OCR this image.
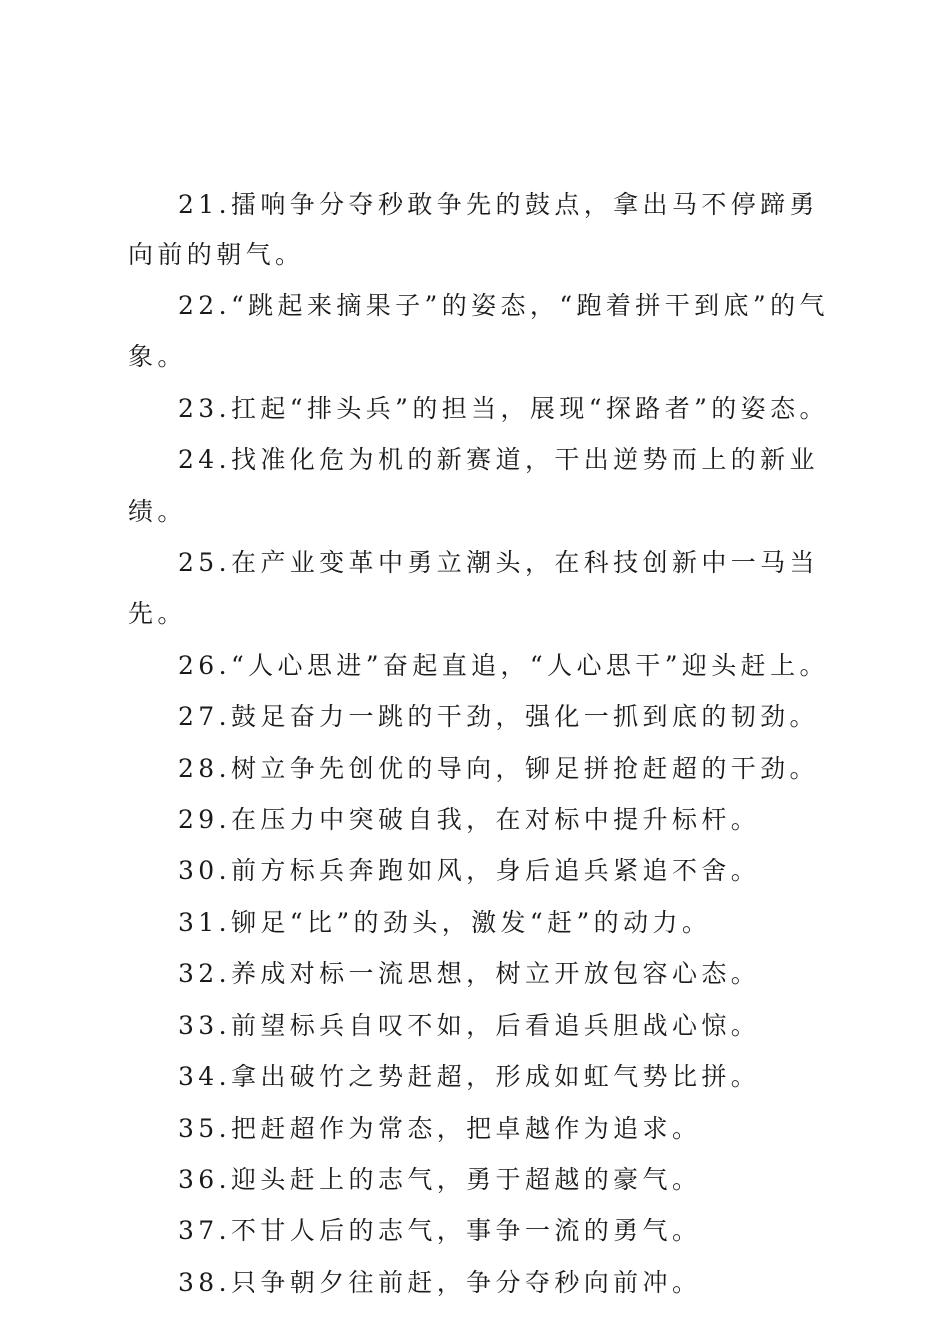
21.擂响争分夺秒敢争先的鼓点，拿出马不停蹄勇向前的朝气。

22.“跳起来摘果子”的姿态，“跑着拼干到底”的气象。

23.扛起“排头兵”的担当，展现“探路者”的姿态。

24.找准化危为机的新赛道，干出逆势而上的新业绩。

25.在产业变革中勇立潮头，在科技创新中一马当先。

26.“人心思进”奋起直追，“人心思干”迎头赶上。

27.鼓足奋力一跳的干劲，强化一抓到底的韧劲。

28.树立争先创优的导向，铆足拼抢赶超的干劲。

29.在压力中突破自我，在对标中提升标杆。

30.前方标兵奔跑如风，身后追兵紧追不舍。

31.铆足“比”的劲头，激发“赶”的动力。

32.养成对标一流思想，树立开放包容心态。

33.前望标兵自叹不如，后看追兵胆战心惊。

34.拿出破竹之势赶超，形成如虹气势比拼。

35.把赶超作为常态，把卓越作为追求。

36.迎头赶上的志气，勇于超越的豪气。

37.不甘人后的志气，事争一流的勇气。

38.只争朝夕往前赶，争分夺秒向前冲。
